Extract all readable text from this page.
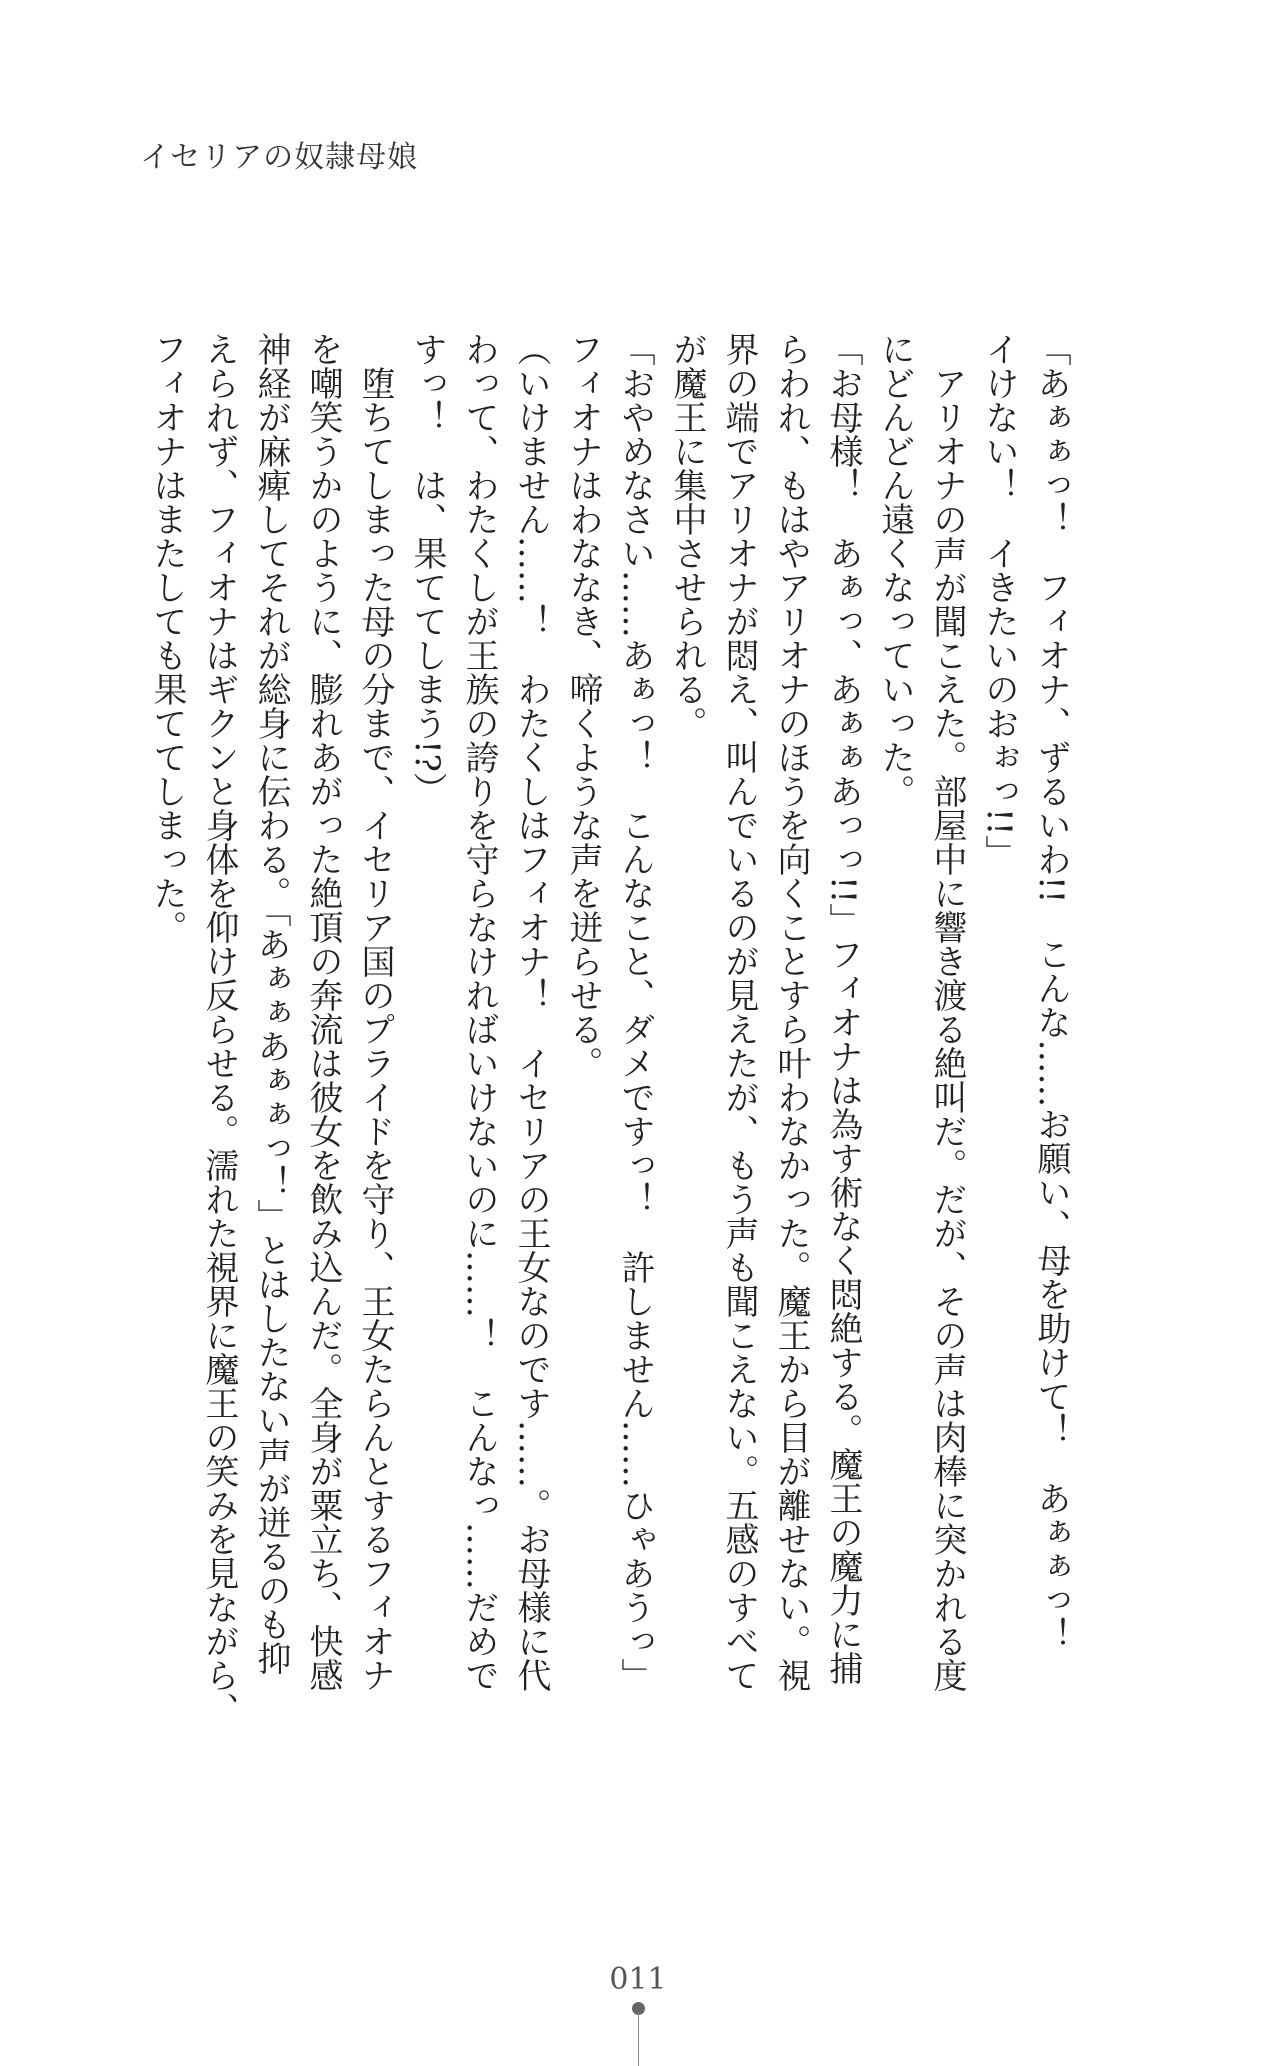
イセリアの奴隷母娘
「あぁぁっ！　フィオナ、ずるいわ!!　こんな……お願い、母を助けて！　あぁぁっ！
イけない！　イきたいのおぉっ!!」
　アリオナの声が聞こえた。部屋中に響き渡る絶叫だ。だが、その声は肉棒に突かれる度
にどんどん遠くなっていった。
「お母様！　あぁっ、あぁぁあっっ!!」フィオナは為す術なく悶絶する。魔王の魔力に捕
らわれ、もはやアリオナのほうを向くことすら叶わなかった。魔王から目が離せない。視
界の端でアリオナが悶え、叫んでいるのが見えたが、もう声も聞こえない。五感のすべて
が魔王に集中させられる。
「おやめなさい……あぁっ！　こんなこと、ダメですっ！　許しません……ひゃあうっ」
フィオナはわななき、啼くような声を迸らせる。
（いけません……！　わたくしはフィオナ！　イセリアの王女なのです……。お母様に代
わって、わたくしが王族の誇りを守らなければいけないのに……！　こんなっ……だめで
すっ！　は、果ててしまう!?）
　堕ちてしまった母の分まで、イセリア国のプライドを守り、王女たらんとするフィオナ
を嘲笑うかのように、膨れあがった絶頂の奔流は彼女を飲み込んだ。全身が粟立ち、快感
神経が麻痺してそれが総身に伝わる。「あぁぁあぁぁっ！」とはしたない声が迸るのも抑
えられず、フィオナはギクンと身体を仰け反らせる。濡れた視界に魔王の笑みを見ながら、
フィオナはまたしても果ててしまった。
011
